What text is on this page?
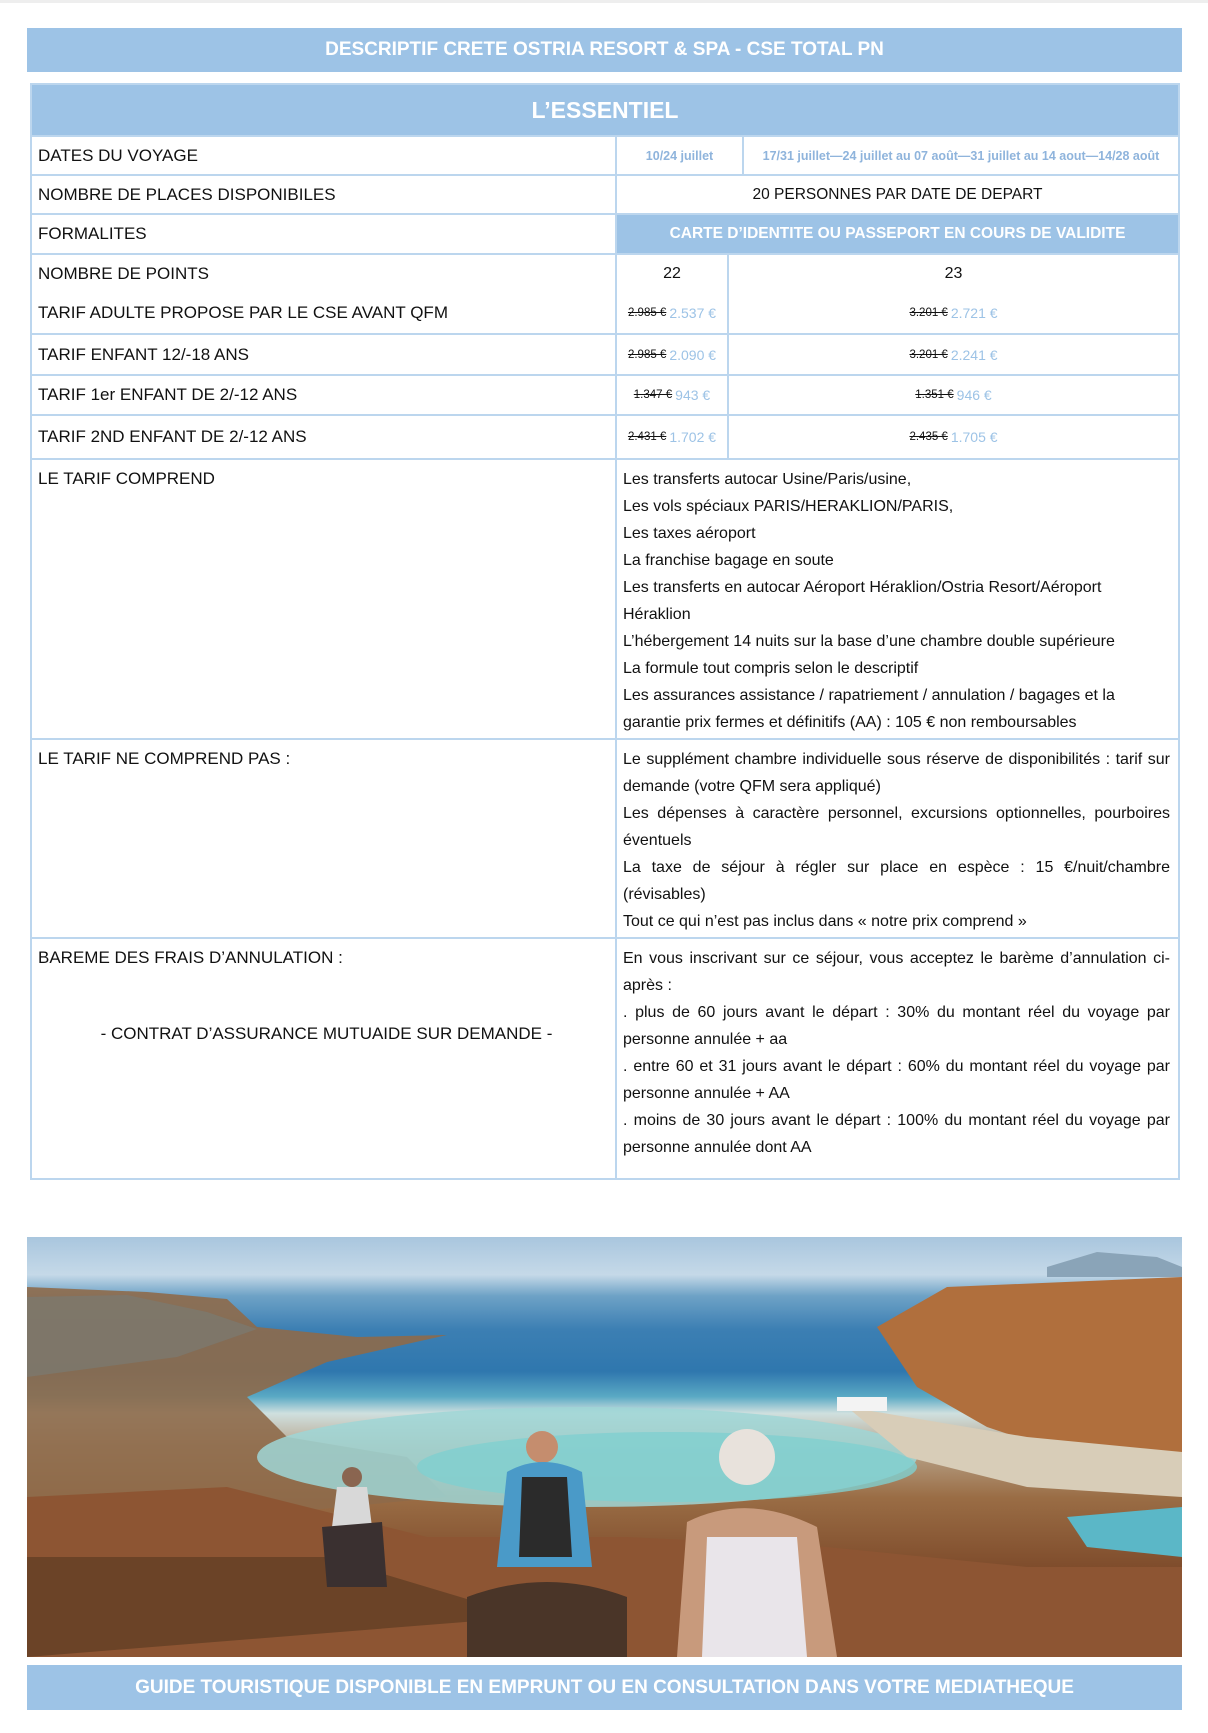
DESCRIPTIF CRETE OSTRIA RESORT & SPA - CSE TOTAL PN
L’ESSENTIEL
DATES DU VOYAGE	10/24 juillet	17/31 juillet—24 juillet au 07 août—31 juillet au 14 aout—14/28 août
NOMBRE DE PLACES DISPONIBILES	20 PERSONNES PAR DATE DE DEPART
FORMALITES	CARTE D’IDENTITE OU PASSEPORT EN COURS DE VALIDITE
NOMBRE DE POINTS	22	23
TARIF ADULTE PROPOSE PAR LE CSE AVANT QFM	2.985 € 2.537 €	3.201 € 2.721 €
TARIF ENFANT 12/-18 ANS	2.985 € 2.090 €	3.201 € 2.241 €
TARIF 1er ENFANT DE 2/-12 ANS	1.347 € 943 €	1.351 € 946 €
TARIF 2ND ENFANT DE 2/-12 ANS	2.431 € 1.702 €	2.435 € 1.705 €
LE TARIF COMPREND	Les transferts autocar Usine/Paris/usine,

Les vols spéciaux PARIS/HERAKLION/PARIS,

Les taxes aéroport

La franchise bagage en soute

Les transferts en autocar Aéroport Héraklion/Ostria Resort/Aéroport Héraklion

L’hébergement 14 nuits sur la base d’une chambre double supérieure

La formule tout compris selon le descriptif

Les assurances assistance / rapatriement / annulation / bagages et la garantie prix fermes et définitifs (AA) : 105 € non remboursables

LE TARIF NE COMPREND PAS :	Le supplément chambre individuelle sous réserve de disponibilités : tarif sur demande (votre QFM sera appliqué)

Les dépenses à caractère personnel, excursions optionnelles, pourboires éventuels

La taxe de séjour à régler sur place en espèce : 15 €/nuit/chambre (révisables)

Tout ce qui n’est pas inclus dans « notre prix comprend »

BAREME DES FRAIS D’ANNULATION :
- CONTRAT D’ASSURANCE MUTUAIDE SUR DEMANDE -

En vous inscrivant sur ce séjour, vous acceptez le barème d’annulation ci-après :

. plus de 60 jours avant le départ : 30% du montant réel du voyage par personne annulée + aa

. entre 60 et 31 jours avant le départ : 60% du montant réel du voyage par personne annulée + AA

. moins de 30 jours avant le départ : 100% du montant réel du voyage par personne annulée dont AA

GUIDE TOURISTIQUE DISPONIBLE EN EMPRUNT OU EN CONSULTATION DANS VOTRE MEDIATHEQUE
